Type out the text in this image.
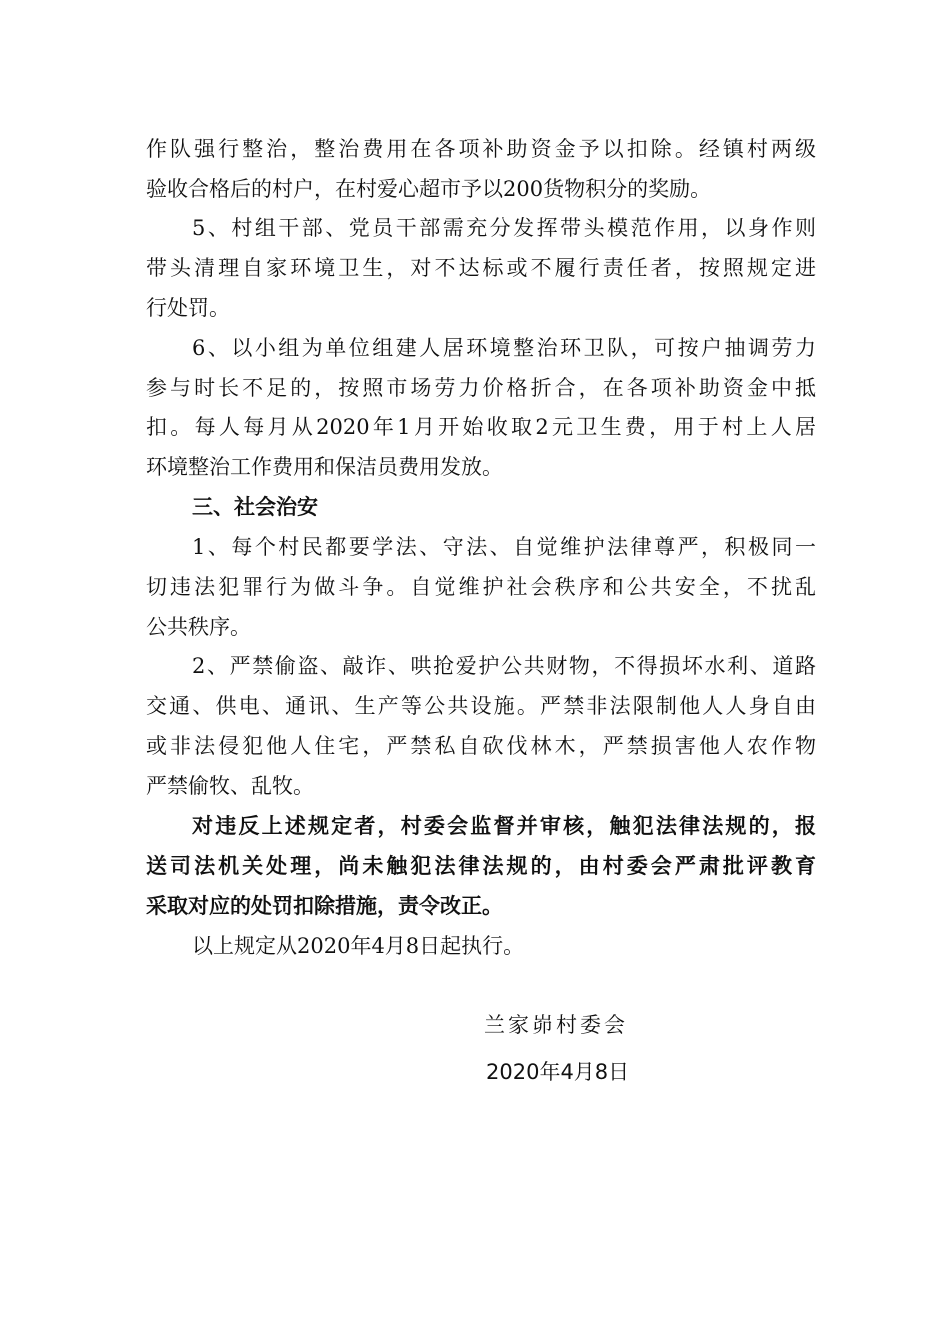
作队强行整治，整治费用在各项补助资金予以扣除。经镇村两级
验收合格后的村户，在村爱心超市予以200货物积分的奖励。
5、村组干部、党员干部需充分发挥带头模范作用，以身作则
带头清理自家环境卫生，对不达标或不履行责任者，按照规定进
行处罚。
6、以小组为单位组建人居环境整治环卫队，可按户抽调劳力
参与时长不足的，按照市场劳力价格折合，在各项补助资金中抵
扣。每人每月从2020年1月开始收取2元卫生费，用于村上人居
环境整治工作费用和保洁员费用发放。
三、社会治安
1、每个村民都要学法、守法、自觉维护法律尊严，积极同一
切违法犯罪行为做斗争。自觉维护社会秩序和公共安全，不扰乱
公共秩序。
2、严禁偷盗、敲诈、哄抢爱护公共财物，不得损坏水利、道路
交通、供电、通讯、生产等公共设施。严禁非法限制他人人身自由
或非法侵犯他人住宅，严禁私自砍伐林木，严禁损害他人农作物
严禁偷牧、乱牧。
对违反上述规定者，村委会监督并审核，触犯法律法规的，报
送司法机关处理，尚未触犯法律法规的，由村委会严肃批评教育
采取对应的处罚扣除措施，责令改正。
以上规定从2020年4月8日起执行。
兰家峁村委会
2020年4月8日
